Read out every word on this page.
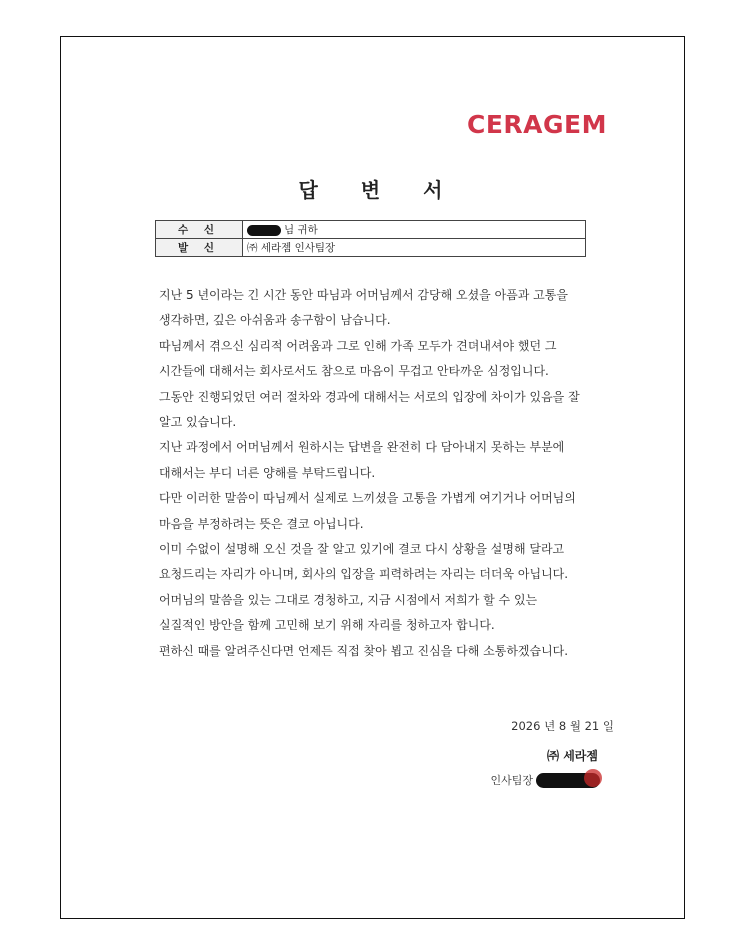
CERAGEM
답 변 서
수 신	님 귀하
발 신	㈜ 세라젬 인사팀장

지난 5 년이라는 긴 시간 동안 따님과 어머님께서 감당해 오셨을 아픔과 고통을

생각하면, 깊은 아쉬움과 송구함이 남습니다.

따님께서 겪으신 심리적 어려움과 그로 인해 가족 모두가 견뎌내셔야 했던 그

시간들에 대해서는 회사로서도 참으로 마음이 무겁고 안타까운 심정입니다.

그동안 진행되었던 여러 절차와 경과에 대해서는 서로의 입장에 차이가 있음을 잘

알고 있습니다.

지난 과정에서 어머님께서 원하시는 답변을 완전히 다 담아내지 못하는 부분에

대해서는 부디 너른 양해를 부탁드립니다.

다만 이러한 말씀이 따님께서 실제로 느끼셨을 고통을 가볍게 여기거나 어머님의

마음을 부정하려는 뜻은 결코 아닙니다.

이미 수없이 설명해 오신 것을 잘 알고 있기에 결코 다시 상황을 설명해 달라고

요청드리는 자리가 아니며, 회사의 입장을 피력하려는 자리는 더더욱 아닙니다.

어머님의 말씀을 있는 그대로 경청하고, 지금 시점에서 저희가 할 수 있는

실질적인 방안을 함께 고민해 보기 위해 자리를 청하고자 합니다.

편하신 때를 알려주신다면 언제든 직접 찾아 뵙고 진심을 다해 소통하겠습니다.

2026 년 8 월 21 일
㈜ 세라젬
인사팀장
